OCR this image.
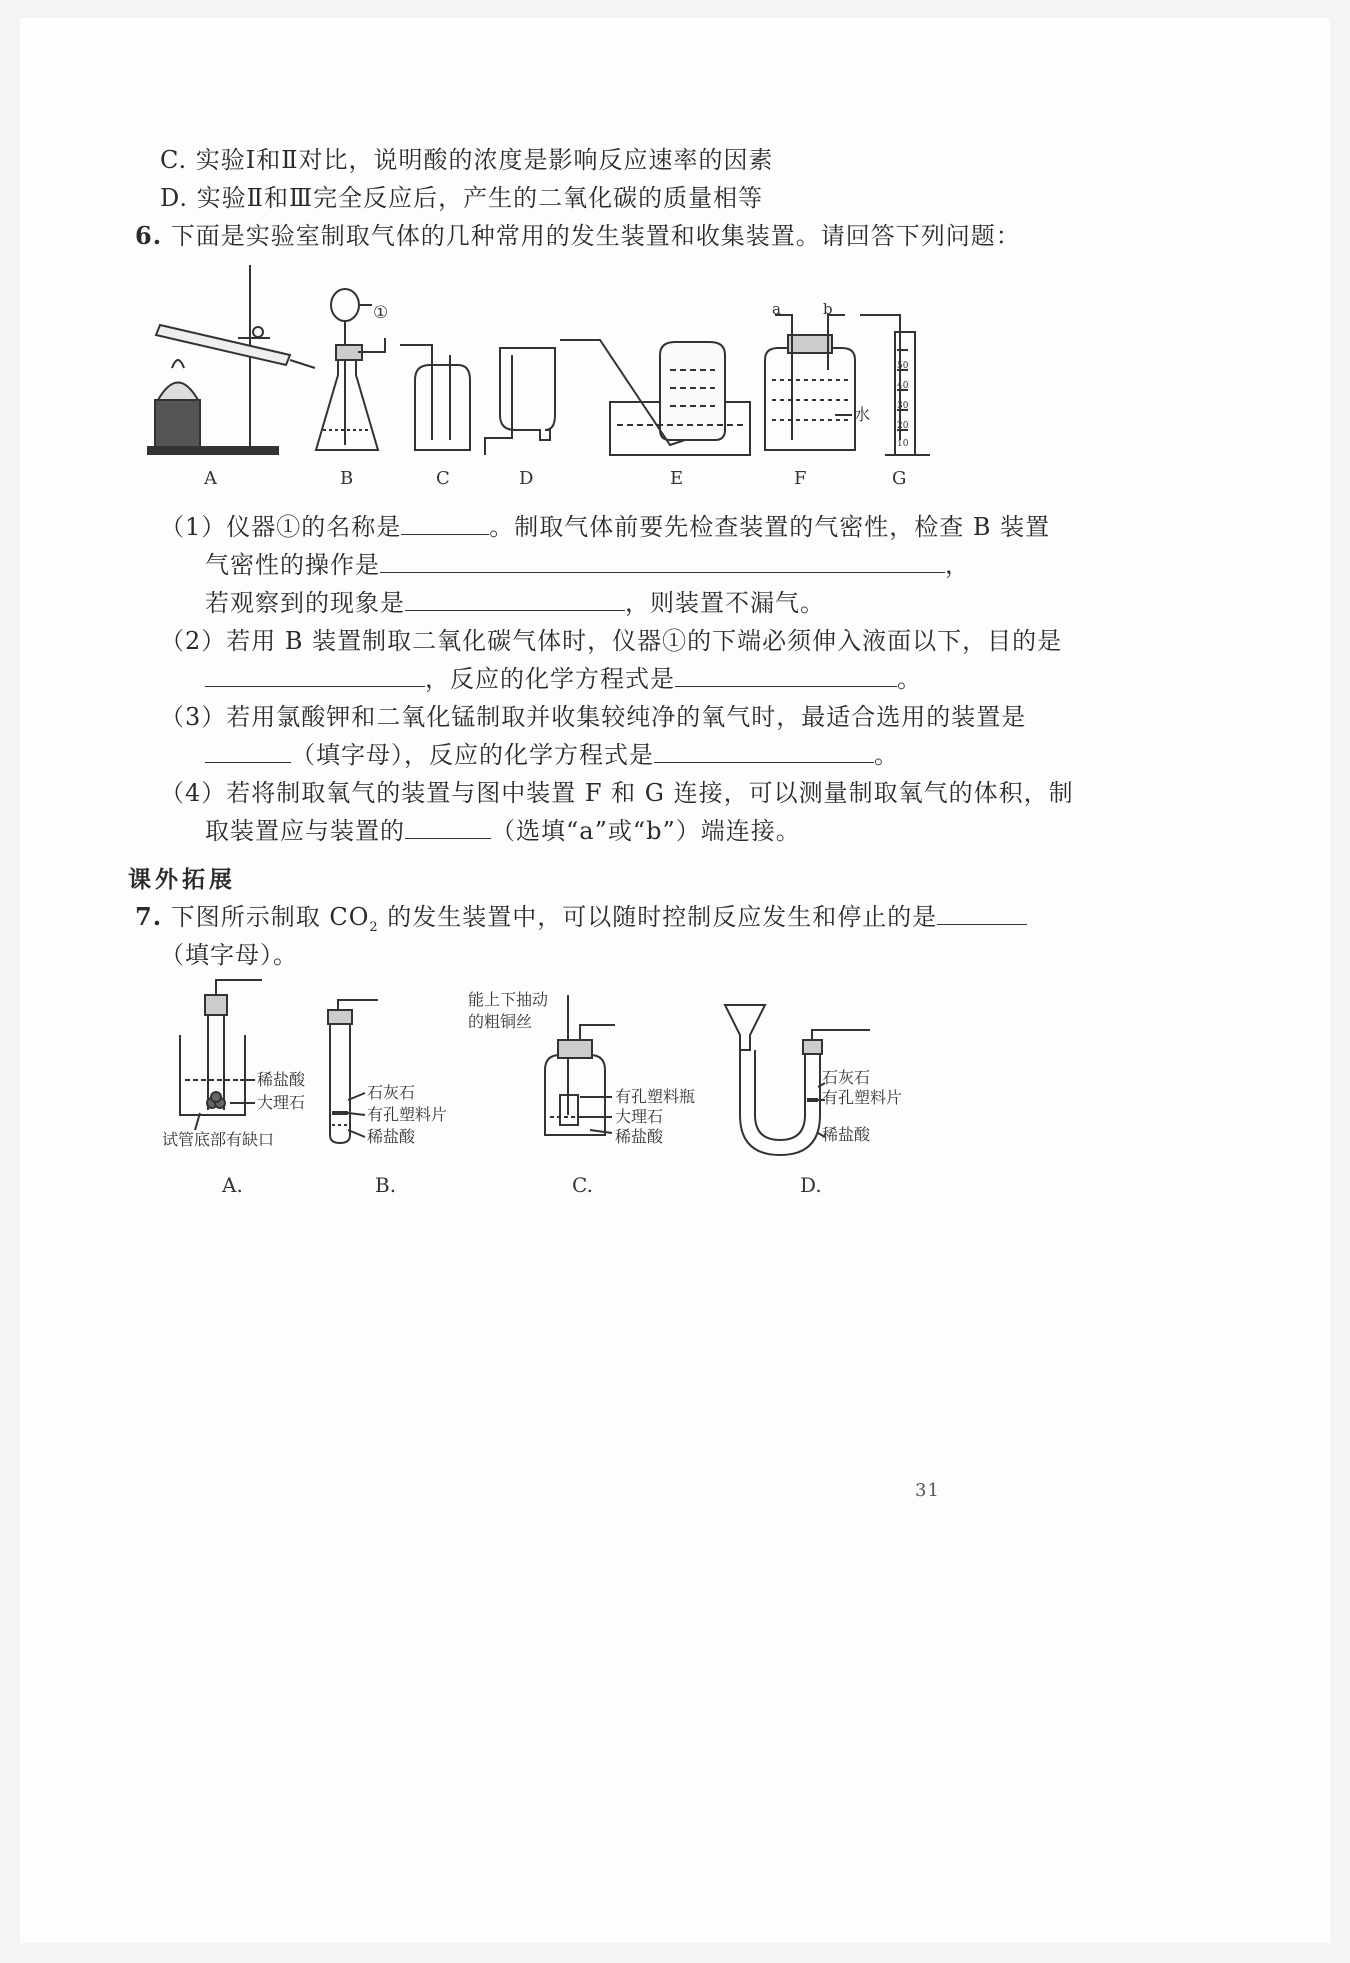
C. 实验Ⅰ和Ⅱ对比，说明酸的浓度是影响反应速率的因素
D. 实验Ⅱ和Ⅲ完全反应后，产生的二氧化碳的质量相等
6. 下面是实验室制取气体的几种常用的发生装置和收集装置。请回答下列问题：
①	a	b
水
50
40
30
20
10
A	B	C	D	E	F	G
（1）仪器①的名称是	。制取气体前要先检查装置的气密性，检查 B 装置
气密性的操作是	，
若观察到的现象是	，则装置不漏气。
（2）若用 B 装置制取二氧化碳气体时，仪器①的下端必须伸入液面以下，目的是
，反应的化学方程式是	。
（3）若用氯酸钾和二氧化锰制取并收集较纯净的氧气时，最适合选用的装置是
（填字母），反应的化学方程式是	。
（4）若将制取氧气的装置与图中装置 F 和 G 连接，可以测量制取氧气的体积，制
取装置应与装置的	（选填“a”或“b”）端连接。
课外拓展
7. 下图所示制取 $CO_2$ 的发生装置中，可以随时控制反应发生和停止的是
（填字母）。
稀盐酸
大理石
试管底部有缺口
石灰石
有孔塑料片
稀盐酸
能上下抽动
的粗铜丝
有孔塑料瓶
大理石
稀盐酸
石灰石
有孔塑料片
稀盐酸
A.	B.	C.	D.
31
